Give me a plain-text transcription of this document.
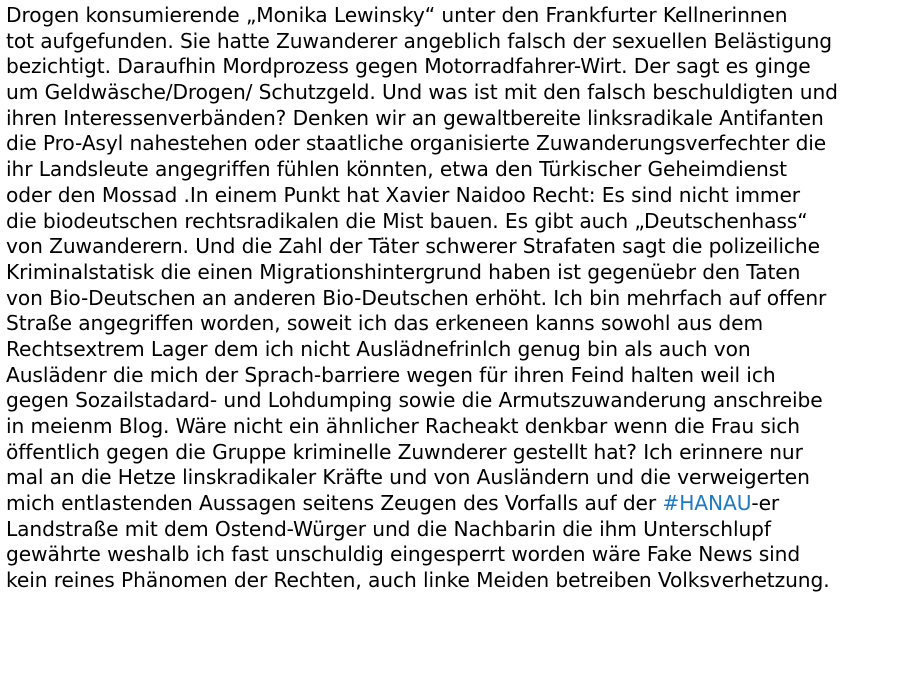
Drogen konsumierende „Monika Lewinsky“ unter den Frankfurter Kellnerinnen
tot aufgefunden. Sie hatte Zuwanderer angeblich falsch der sexuellen Belästigung
bezichtigt. Daraufhin Mordprozess gegen Motorradfahrer-Wirt. Der sagt es ginge
um Geldwäsche/Drogen/ Schutzgeld. Und was ist mit den falsch beschuldigten und
ihren Interessenverbänden? Denken wir an gewaltbereite linksradikale Antifanten
die Pro-Asyl nahestehen oder staatliche organisierte Zuwanderungsverfechter die
ihr Landsleute angegriffen fühlen könnten, etwa den Türkischer Geheimdienst
oder den Mossad .In einem Punkt hat Xavier Naidoo Recht: Es sind nicht immer
die biodeutschen rechtsradikalen die Mist bauen. Es gibt auch „Deutschenhass“
von Zuwanderern. Und die Zahl der Täter schwerer Strafaten sagt die polizeiliche
Kriminalstatisk die einen Migrationshintergrund haben ist gegenüebr den Taten
von Bio-Deutschen an anderen Bio-Deutschen erhöht. Ich bin mehrfach auf offenr
Straße angegriffen worden, soweit ich das erkeneen kanns sowohl aus dem
Rechtsextrem Lager dem ich nicht Auslädnefrinlch genug bin als auch von
Auslädenr die mich der Sprach-barriere wegen für ihren Feind halten weil ich
gegen Sozailstadard- und Lohdumping sowie die Armutszuwanderung anschreibe
in meienm Blog. Wäre nicht ein ähnlicher Racheakt denkbar wenn die Frau sich
öffentlich gegen die Gruppe kriminelle Zuwnderer gestellt hat? Ich erinnere nur
mal an die Hetze linskradikaler Kräfte und von Ausländern und die verweigerten
mich entlastenden Aussagen seitens Zeugen des Vorfalls auf der #HANAU-er
Landstraße mit dem Ostend-Würger und die Nachbarin die ihm Unterschlupf
gewährte weshalb ich fast unschuldig eingesperrt worden wäre Fake News sind
kein reines Phänomen der Rechten, auch linke Meiden betreiben Volksverhetzung.
